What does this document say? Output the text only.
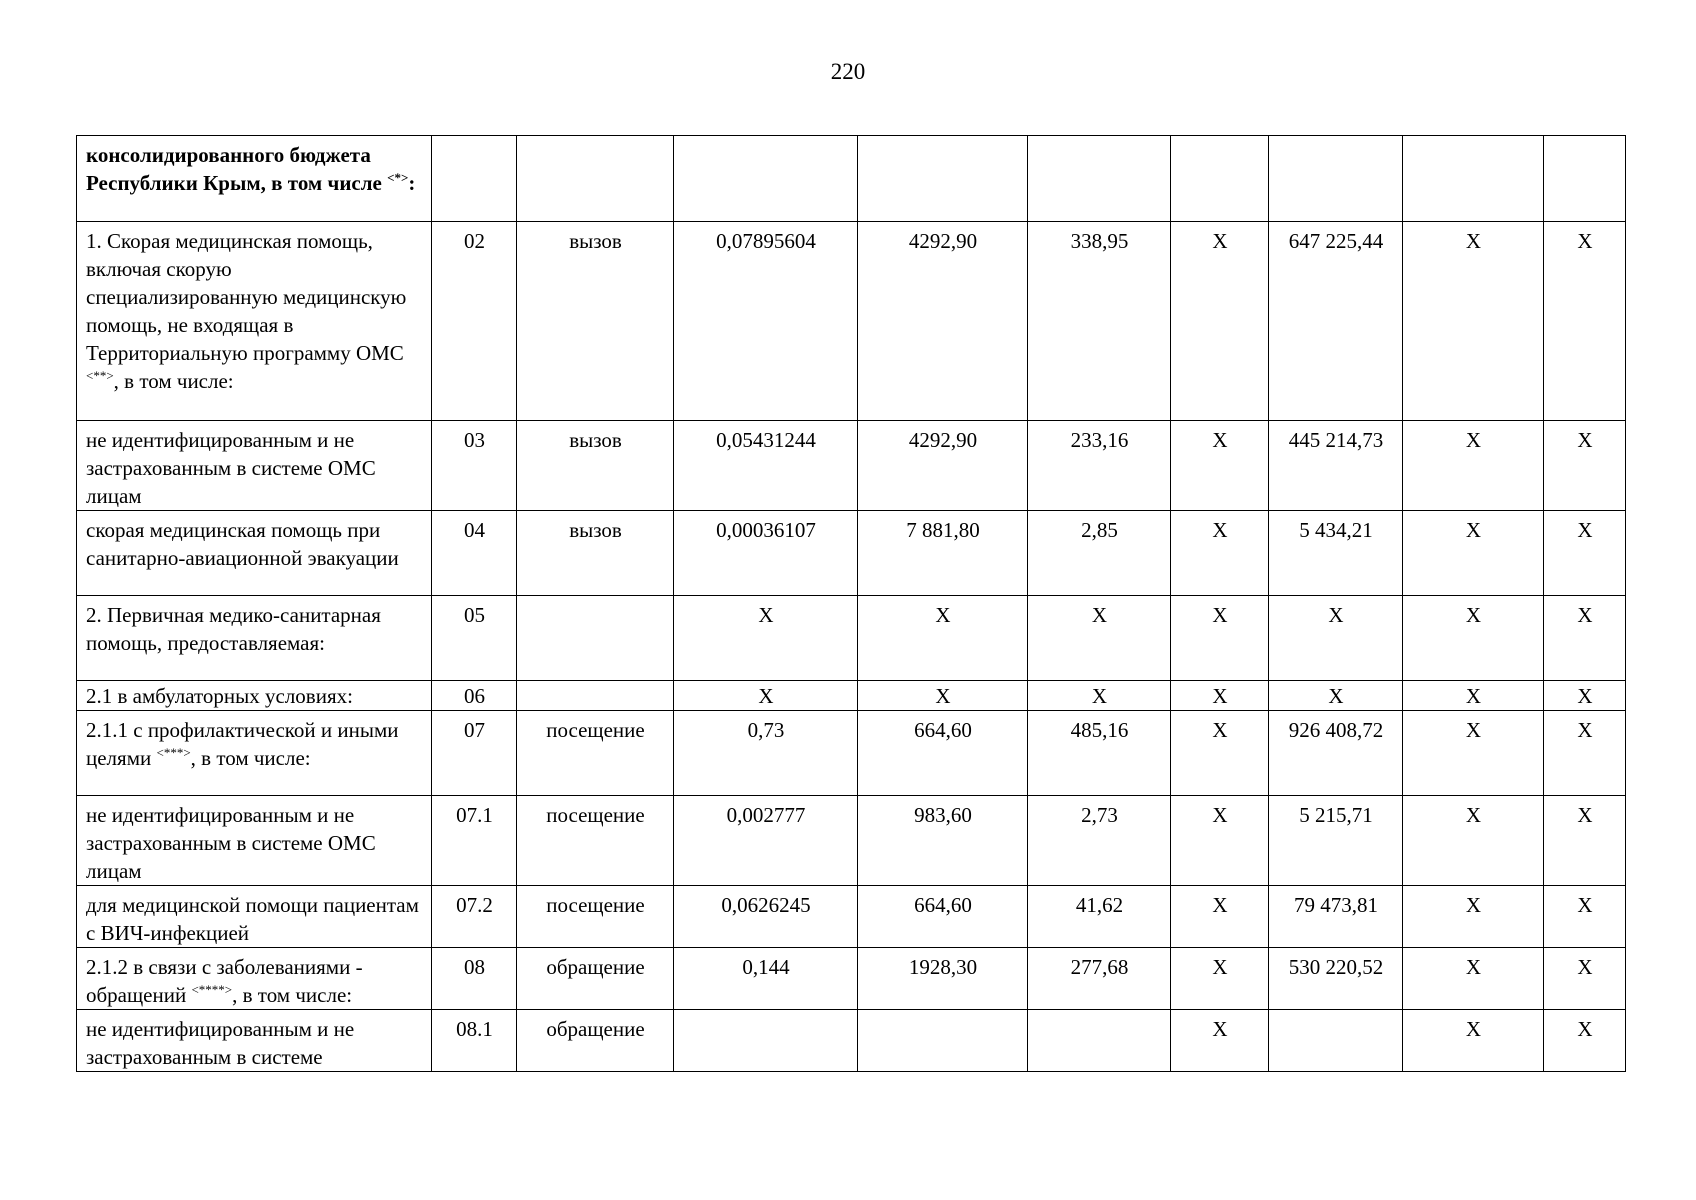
220
консолидированного бюджета Республики Крым, в том числе <*>:									
1. Скорая медицинская помощь, включая скорую специализированную медицинскую помощь, не входящая в Территориальную программу ОМС <**>, в том числе:	02	вызов	0,07895604	4292,90	338,95	X	647 225,44	X	X
не идентифицированным и не застрахованным в системе ОМС лицам	03	вызов	0,05431244	4292,90	233,16	X	445 214,73	X	X
скорая медицинская помощь при санитарно-авиационной эвакуации	04	вызов	0,00036107	7 881,80	2,85	X	5 434,21	X	X
2. Первичная медико-санитарная помощь, предоставляемая:	05		X	X	X	X	X	X	X
2.1 в амбулаторных условиях:	06		X	X	X	X	X	X	X
2.1.1 с профилактической и иными целями <***>, в том числе:	07	посещение	0,73	664,60	485,16	X	926 408,72	X	X
не идентифицированным и не застрахованным в системе ОМС лицам	07.1	посещение	0,002777	983,60	2,73	X	5 215,71	X	X
для медицинской помощи пациентам с ВИЧ-инфекцией	07.2	посещение	0,0626245	664,60	41,62	X	79 473,81	X	X
2.1.2 в связи с заболеваниями - обращений <****>, в том числе:	08	обращение	0,144	1928,30	277,68	X	530 220,52	X	X
не идентифицированным и не застрахованным в системе	08.1	обращение				X		X	X
